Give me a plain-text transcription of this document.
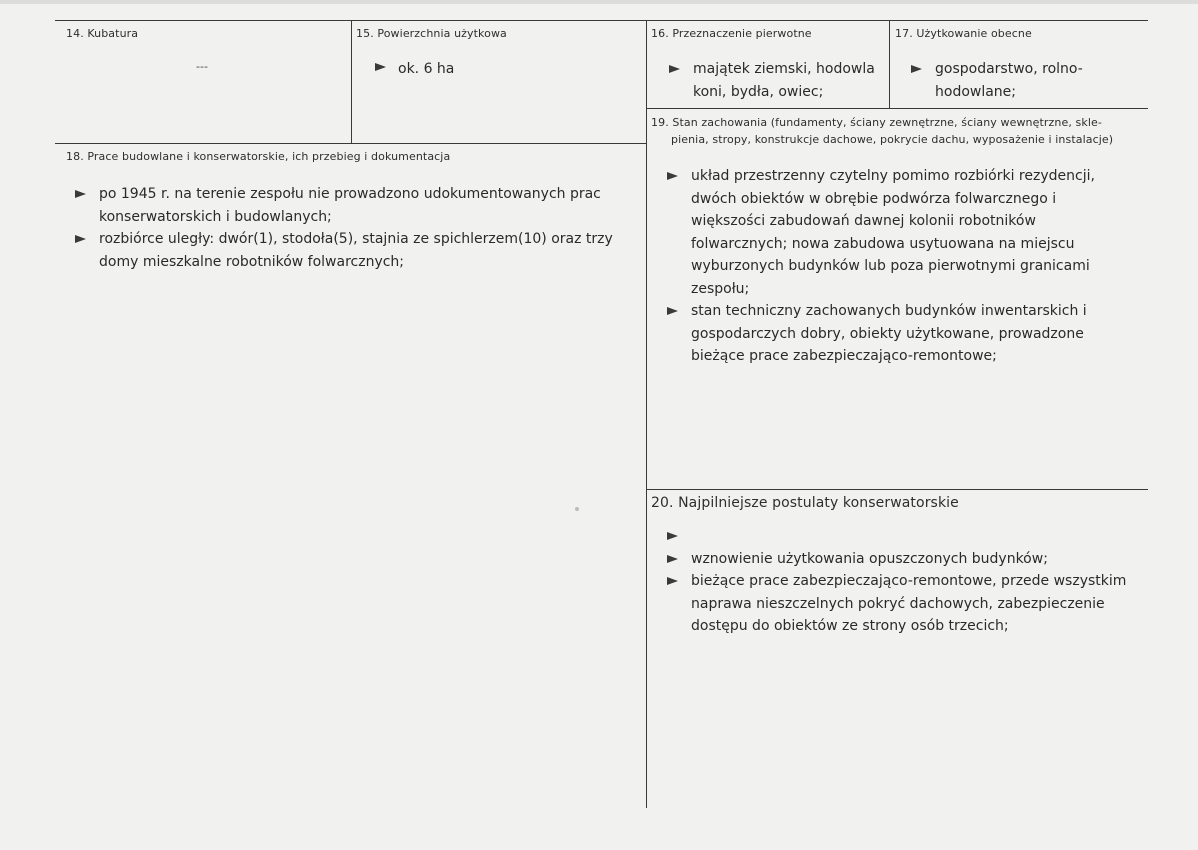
14. Kubatura
---
15. Powierzchnia użytkowa
ok. 6 ha
16. Przeznaczenie pierwotne
majątek ziemski, hodowla
koni, bydła, owiec;
17. Użytkowanie obecne
gospodarstwo, rolno-
hodowlane;
18. Prace budowlane i konserwatorskie, ich przebieg i dokumentacja
po 1945 r. na terenie zespołu nie prowadzono udokumentowanych prac
konserwatorskich i budowlanych;
rozbiórce uległy: dwór(1), stodoła(5), stajnia ze spichlerzem(10) oraz trzy
domy mieszkalne robotników folwarcznych;
19. Stan zachowania (fundamenty, ściany zewnętrzne, ściany wewnętrzne, skle-
pienia, stropy, konstrukcje dachowe, pokrycie dachu, wyposażenie i instalacje)
układ przestrzenny czytelny pomimo rozbiórki rezydencji,
dwóch obiektów w obrębie podwórza folwarcznego i
większości zabudowań dawnej kolonii robotników
folwarcznych; nowa zabudowa usytuowana na miejscu
wyburzonych budynków lub poza pierwotnymi granicami
zespołu;
stan techniczny zachowanych budynków inwentarskich i
gospodarczych dobry, obiekty użytkowane, prowadzone
bieżące prace zabezpieczająco-remontowe;
20. Najpilniejsze postulaty konserwatorskie
wznowienie użytkowania opuszczonych budynków;
bieżące prace zabezpieczająco-remontowe, przede wszystkim
naprawa nieszczelnych pokryć dachowych, zabezpieczenie
dostępu do obiektów ze strony osób trzecich;
